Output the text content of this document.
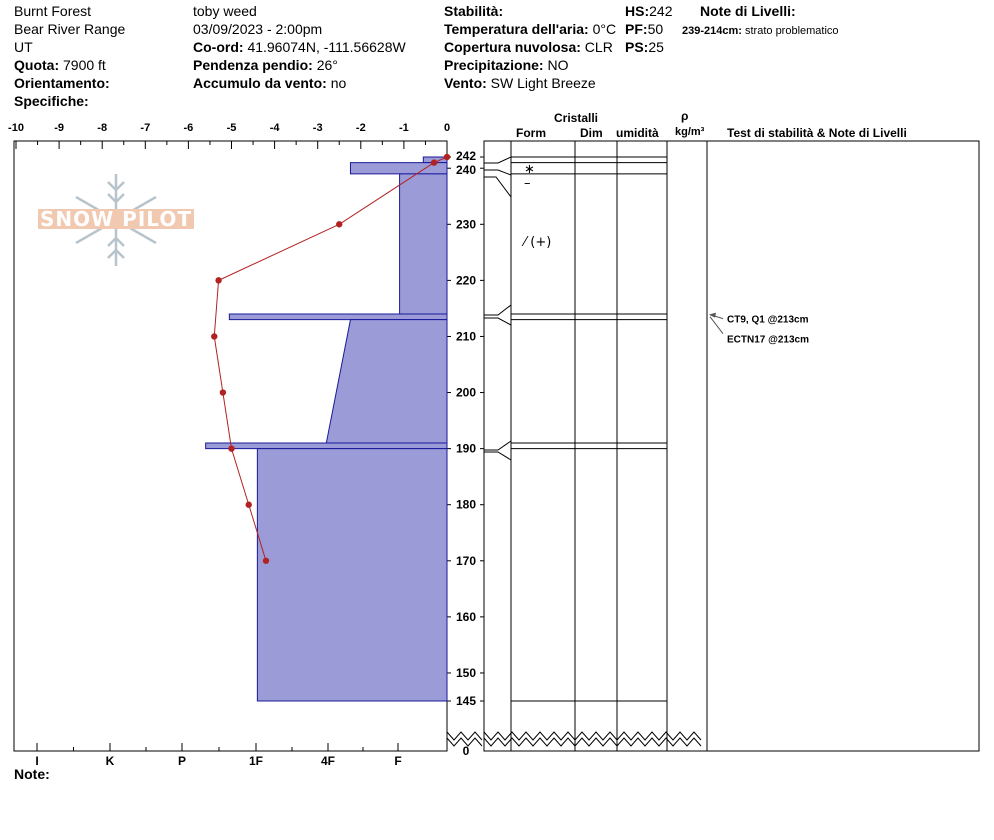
Burnt Forest
Bear River Range
UT
Quota: 7900 ft
Orientamento:
Specifiche:
toby weed
03/09/2023 - 2:00pm
Co-ord: 41.96074N, -111.56628W
Pendenza pendio: 26°
Accumulo da vento: no
Stabilità:
Temperatura dell'aria: 0°C
Copertura nuvolosa: CLR
Precipitazione: NO
Vento: SW Light Breeze
HS:242
PF:50
PS:25
Note di Livelli:
239-214cm: strato problematico
Cristalli
Form	Dim umidità
ρ
kg/m³ Test di stabilità & Note di Livelli
Note:
SNOW PILOT
-10	-9	-8	-7	-6	-5	-4	-3	-2	-1	0
I	K	P	1F	4F	F
242
240
230
220
210
200
190
180
170
160
150
145
0
∗
–
⁄ (+)
CT9, Q1 @213cm
ECTN17 @213cm
